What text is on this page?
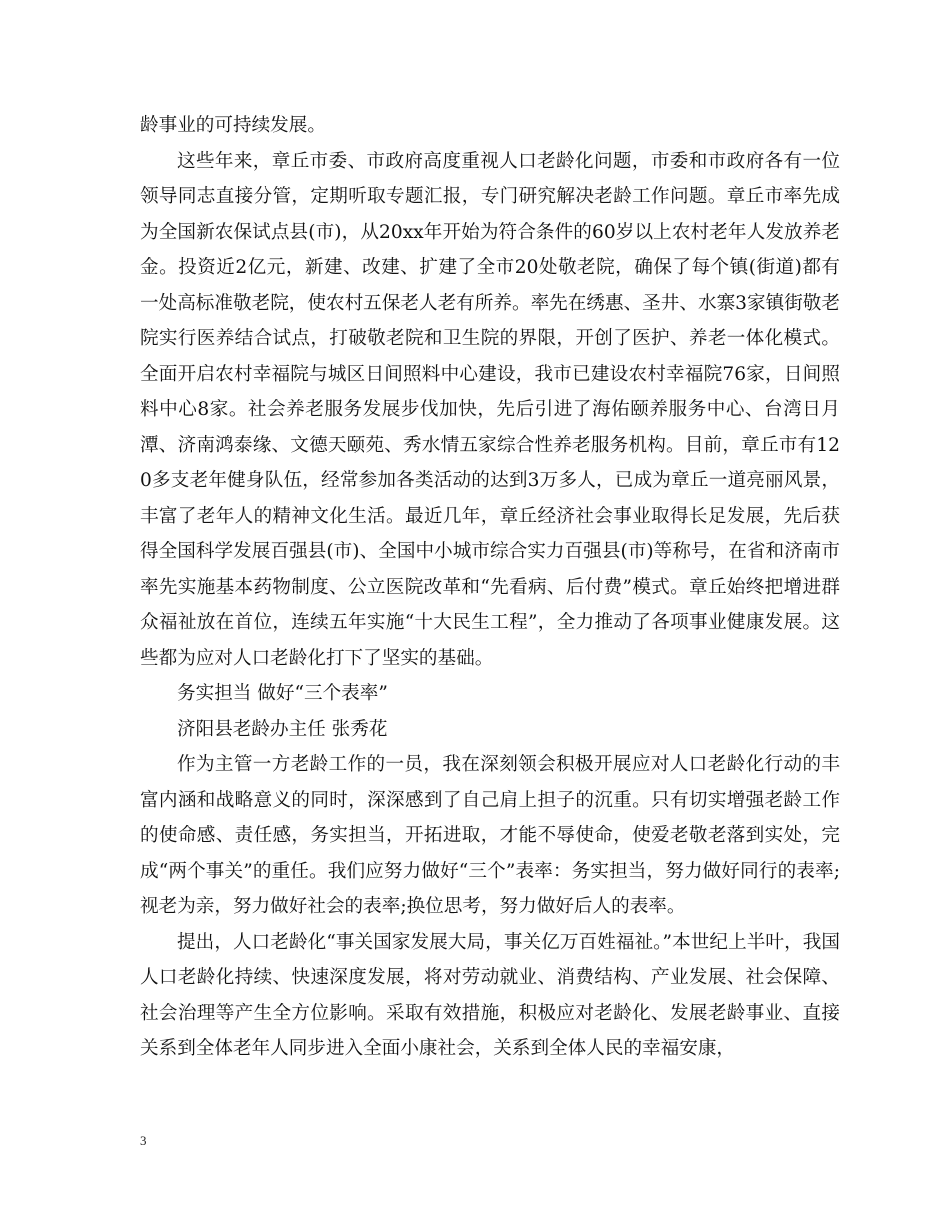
龄事业的可持续发展。

这些年来，章丘市委、市政府高度重视人口老龄化问题，市委和市政府各有一位领导同志直接分管，定期听取专题汇报，专门研究解决老龄工作问题。章丘市率先成为全国新农保试点县(市)，从20xx年开始为符合条件的60岁以上农村老年人发放养老金。投资近2亿元，新建、改建、扩建了全市20处敬老院，确保了每个镇(街道)都有一处高标准敬老院，使农村五保老人老有所养。率先在绣惠、圣井、水寨3家镇街敬老院实行医养结合试点，打破敬老院和卫生院的界限，开创了医护、养老一体化模式。全面开启农村幸福院与城区日间照料中心建设，我市已建设农村幸福院76家，日间照料中心8家。社会养老服务发展步伐加快，先后引进了海佑颐养服务中心、台湾日月潭、济南鸿泰缘、文德天颐苑、秀水情五家综合性养老服务机构。目前，章丘市有120多支老年健身队伍，经常参加各类活动的达到3万多人，已成为章丘一道亮丽风景，丰富了老年人的精神文化生活。最近几年，章丘经济社会事业取得长足发展，先后获得全国科学发展百强县(市)、全国中小城市综合实力百强县(市)等称号，在省和济南市率先实施基本药物制度、公立医院改革和“先看病、后付费”模式。章丘始终把增进群众福祉放在首位，连续五年实施“十大民生工程”，全力推动了各项事业健康发展。这些都为应对人口老龄化打下了坚实的基础。

务实担当 做好“三个表率”

济阳县老龄办主任 张秀花

作为主管一方老龄工作的一员，我在深刻领会积极开展应对人口老龄化行动的丰富内涵和战略意义的同时，深深感到了自己肩上担子的沉重。只有切实增强老龄工作的使命感、责任感，务实担当，开拓进取，才能不辱使命，使爱老敬老落到实处，完成“两个事关”的重任。我们应努力做好“三个”表率：务实担当，努力做好同行的表率;视老为亲，努力做好社会的表率;换位思考，努力做好后人的表率。

提出，人口老龄化“事关国家发展大局，事关亿万百姓福祉。”本世纪上半叶，我国人口老龄化持续、快速深度发展，将对劳动就业、消费结构、产业发展、社会保障、社会治理等产生全方位影响。采取有效措施，积极应对老龄化、发展老龄事业、直接关系到全体老年人同步进入全面小康社会，关系到全体人民的幸福安康，

3
